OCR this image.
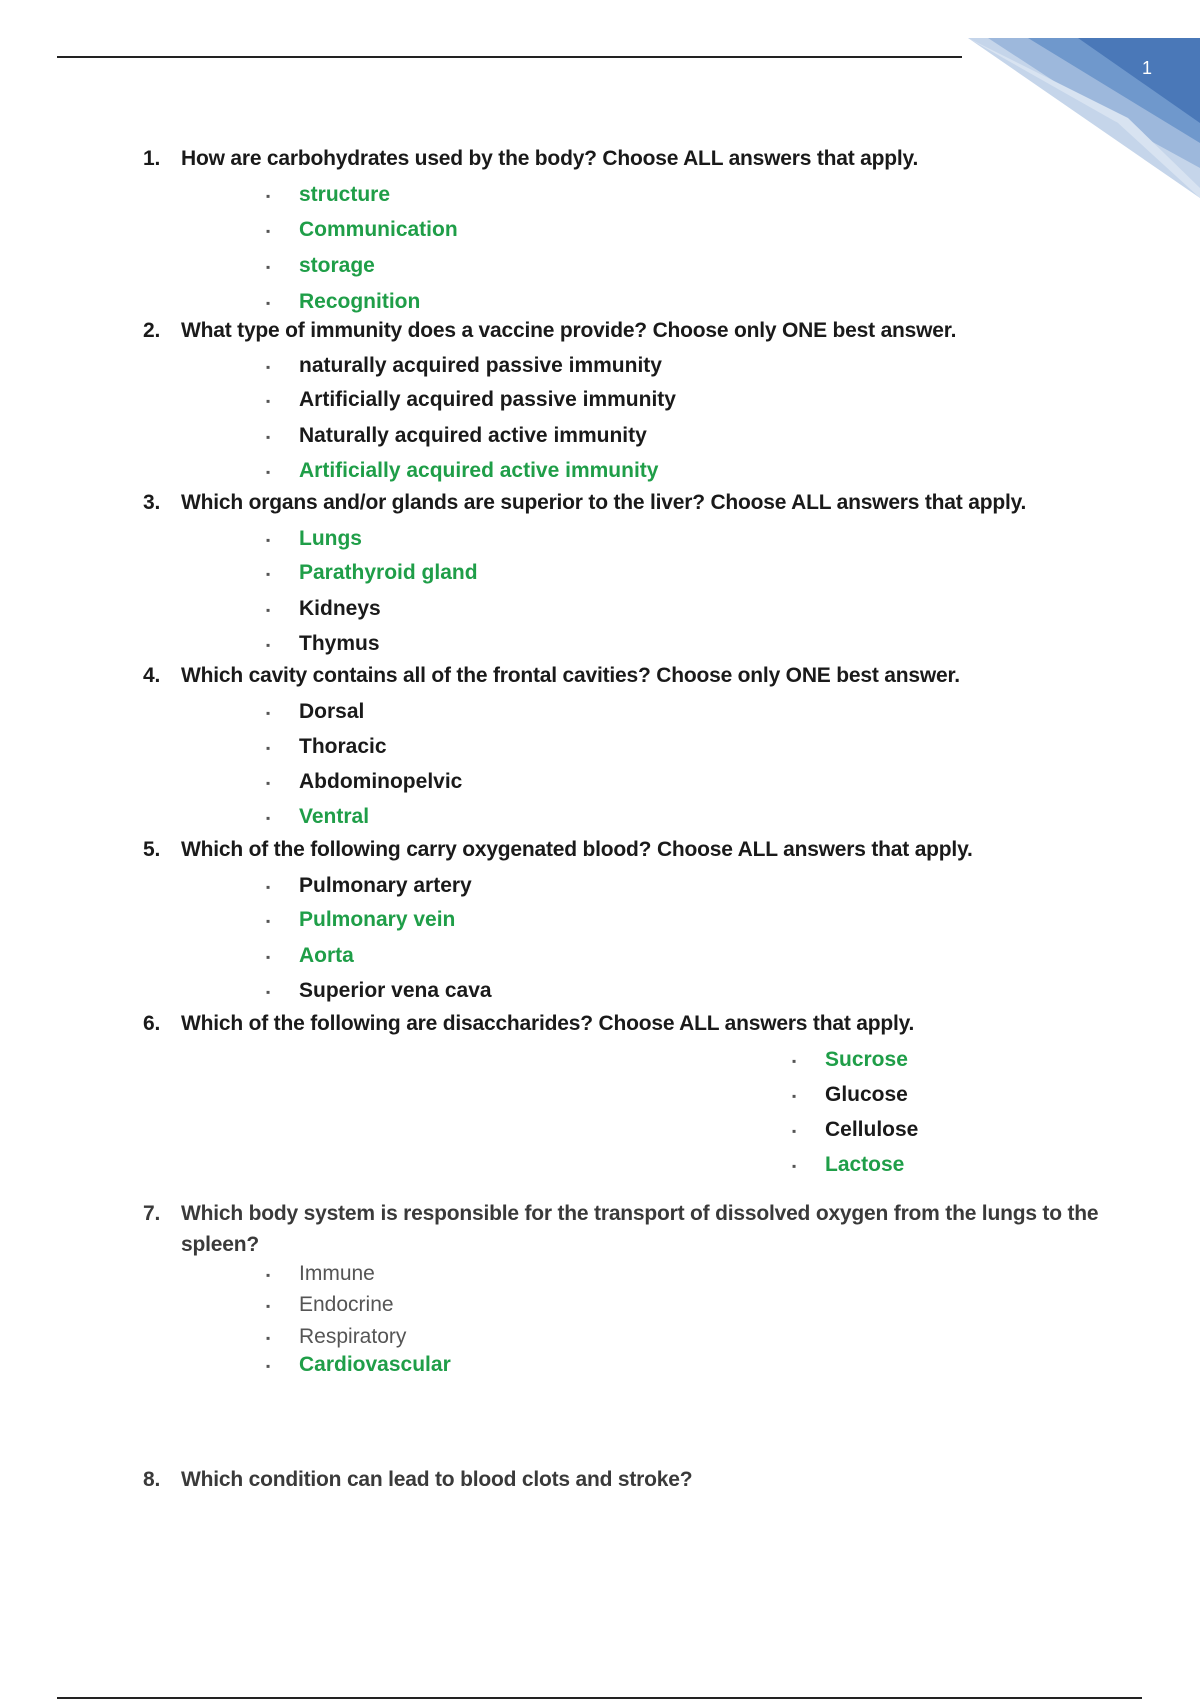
1
1. How are carbohydrates used by the body? Choose ALL answers that apply.
▪ structure
▪ Communication
▪ storage
▪ Recognition
2. What type of immunity does a vaccine provide? Choose only ONE best answer.
▪ naturally acquired passive immunity
▪ Artificially acquired passive immunity
▪ Naturally acquired active immunity
▪ Artificially acquired active immunity
3. Which organs and/or glands are superior to the liver? Choose ALL answers that apply.
▪ Lungs
▪ Parathyroid gland
▪ Kidneys
▪ Thymus
4. Which cavity contains all of the frontal cavities? Choose only ONE best answer.
▪ Dorsal
▪ Thoracic
▪ Abdominopelvic
▪ Ventral
5. Which of the following carry oxygenated blood? Choose ALL answers that apply.
▪ Pulmonary artery
▪ Pulmonary vein
▪ Aorta
▪ Superior vena cava
6. Which of the following are disaccharides? Choose ALL answers that apply.
▪ Sucrose
▪ Glucose
▪ Cellulose
▪ Lactose
7. Which body system is responsible for the transport of dissolved oxygen from the lungs to the spleen?
▪ Immune
▪ Endocrine
▪ Respiratory
▪ Cardiovascular
8. Which condition can lead to blood clots and stroke?
